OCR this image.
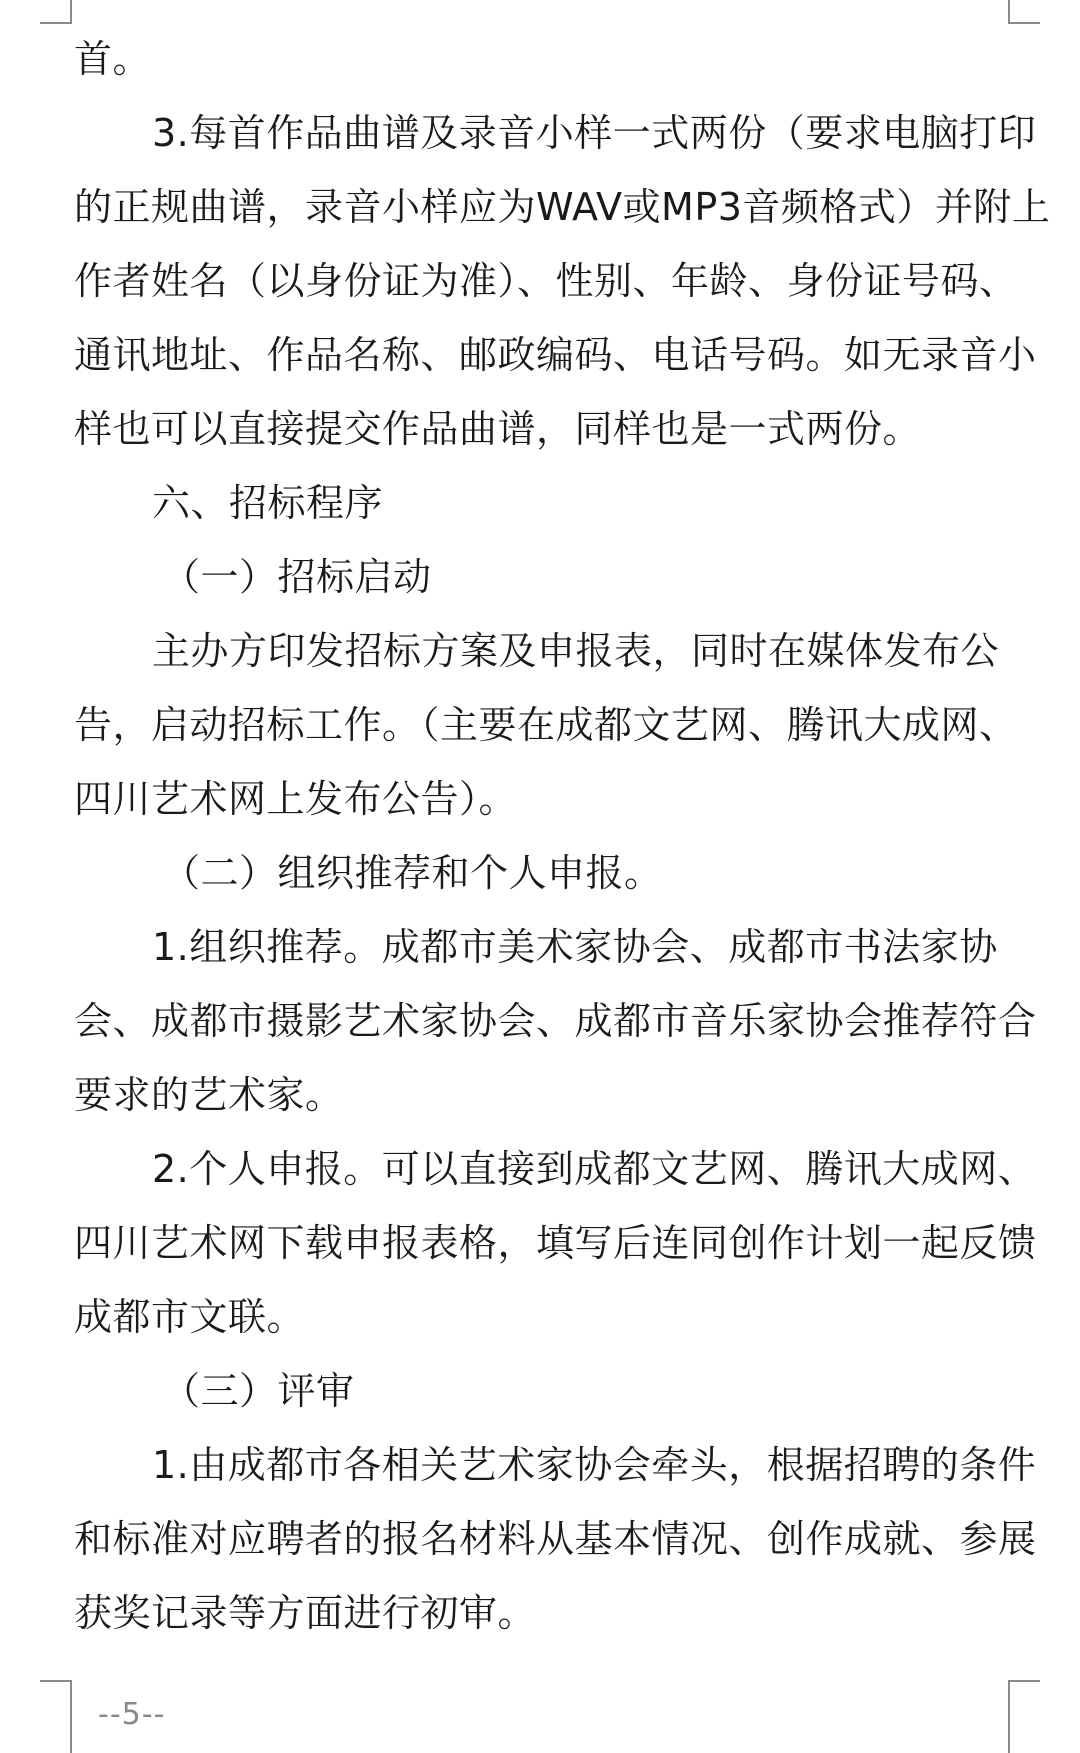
首。

3.每首作品曲谱及录音小样一式两份（要求电脑打印
的正规曲谱，录音小样应为WAV或MP3音频格式）并附上
作者姓名（以身份证为准）、性别、年龄、身份证号码、
通讯地址、作品名称、邮政编码、电话号码。如无录音小
样也可以直接提交作品曲谱，同样也是一式两份。

六、招标程序

（一）招标启动

主办方印发招标方案及申报表，同时在媒体发布公
告，启动招标工作。（主要在成都文艺网、腾讯大成网、
四川艺术网上发布公告）。

（二）组织推荐和个人申报。

1.组织推荐。成都市美术家协会、成都市书法家协
会、成都市摄影艺术家协会、成都市音乐家协会推荐符合
要求的艺术家。

2.个人申报。可以直接到成都文艺网、腾讯大成网、
四川艺术网下载申报表格，填写后连同创作计划一起反馈
成都市文联。

（三）评审

1.由成都市各相关艺术家协会牵头，根据招聘的条件
和标准对应聘者的报名材料从基本情况、创作成就、参展
获奖记录等方面进行初审。

--5--
